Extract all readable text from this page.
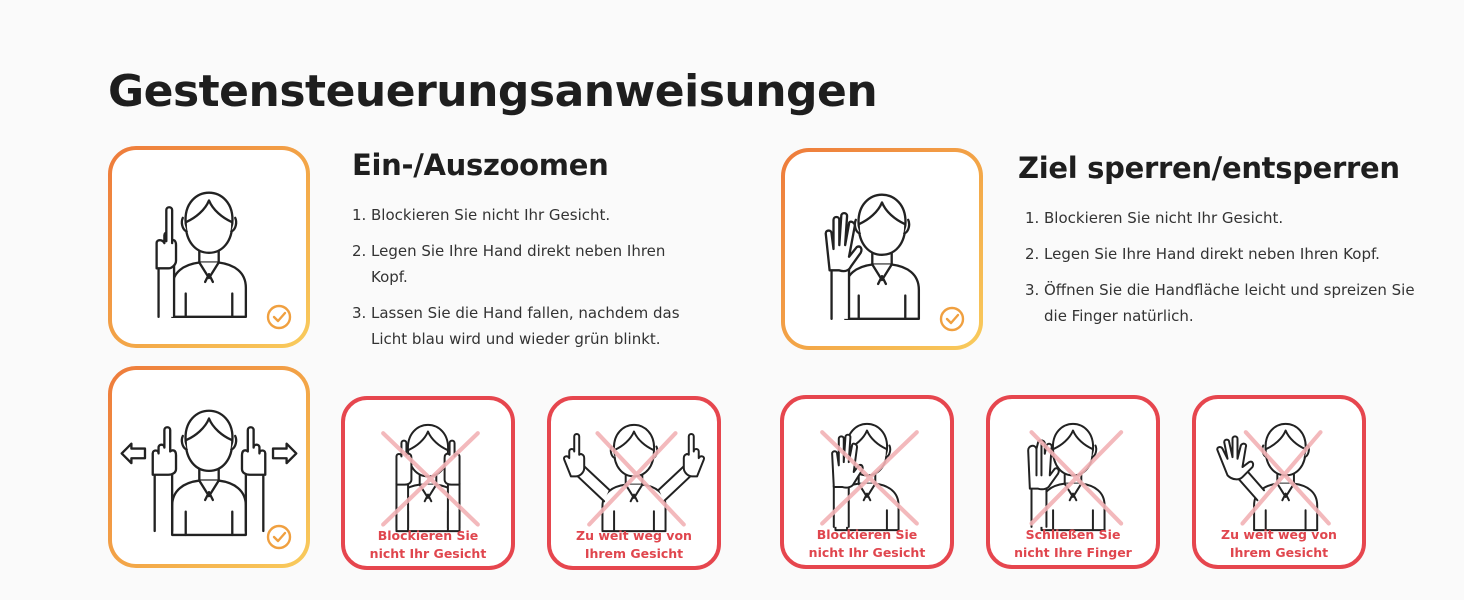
Gestensteuerungsanweisungen
Ein-/Auszoomen
1. Blockieren Sie nicht Ihr Gesicht.
2. Legen Sie Ihre Hand direkt neben Ihren Kopf.
3. Lassen Sie die Hand fallen, nachdem das Licht blau wird und wieder grün blinkt.
Blockieren Sie
nicht Ihr Gesicht
Zu weit weg von
Ihrem Gesicht
Ziel sperren/entsperren
1. Blockieren Sie nicht Ihr Gesicht.
2. Legen Sie Ihre Hand direkt neben Ihren Kopf.
3. Öffnen Sie die Handfläche leicht und spreizen Sie die Finger natürlich.
Blockieren Sie
nicht Ihr Gesicht
Schließen Sie
nicht Ihre Finger
Zu weit weg von
Ihrem Gesicht
